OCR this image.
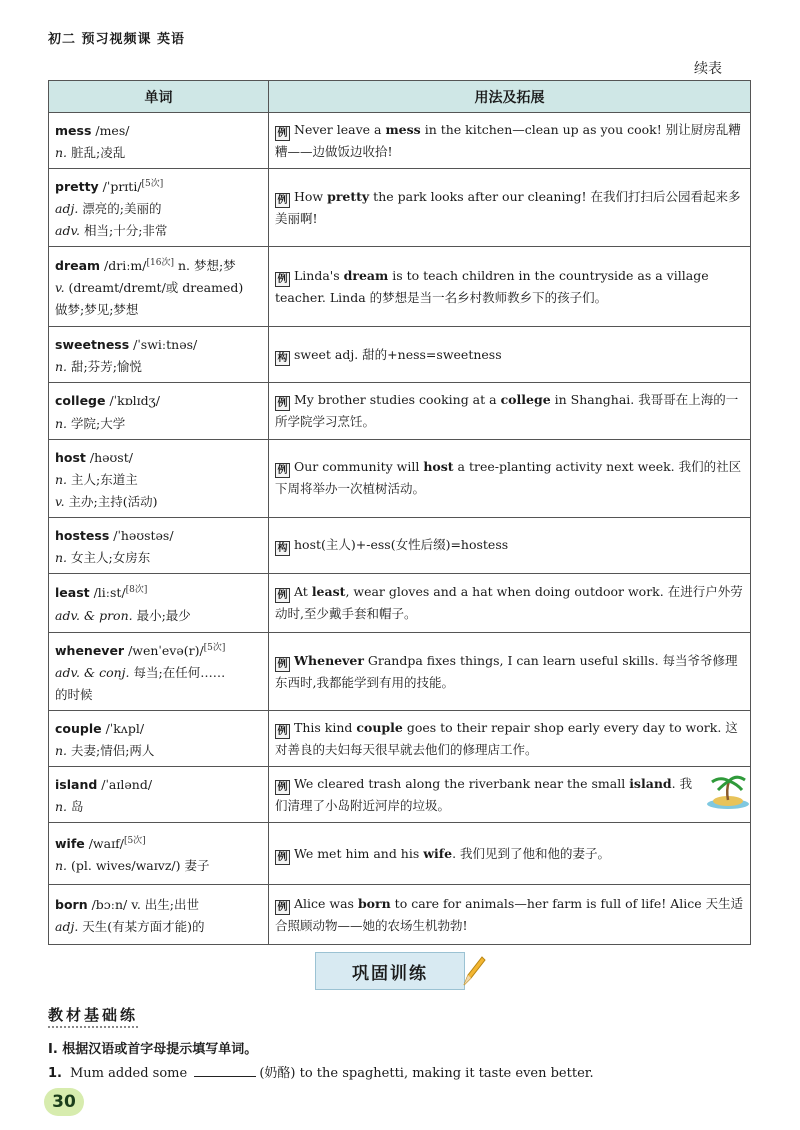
初二 预习视频课 英语
续表
单词	用法及拓展

mess /mes/
n. 脏乱;凌乱	例 Never leave a mess in the kitchen—clean up as you cook! 别让厨房乱糟糟——边做饭边收拾!

pretty /ˈprɪti/[5次]
adj. 漂亮的;美丽的
adv. 相当;十分;非常	例 How pretty the park looks after our cleaning! 在我们打扫后公园看起来多美丽啊!

dream /driːm/[16次] n. 梦想;梦
v. (dreamt/dremt/或 dreamed)
做梦;梦见;梦想	例 Linda's dream is to teach children in the countryside as a village teacher. Linda 的梦想是当一名乡村教师教乡下的孩子们。

sweetness /ˈswiːtnəs/
n. 甜;芬芳;愉悦	构 sweet adj. 甜的+ness=sweetness

college /ˈkɒlɪdʒ/
n. 学院;大学	例 My brother studies cooking at a college in Shanghai. 我哥哥在上海的一所学院学习烹饪。

host /həʊst/
n. 主人;东道主
v. 主办;主持(活动)	例 Our community will host a tree-planting activity next week. 我们的社区下周将举办一次植树活动。

hostess /ˈhəʊstəs/
n. 女主人;女房东	构 host(主人)+-ess(女性后缀)=hostess

least /liːst/[8次]
adv. & pron. 最小;最少	例 At least, wear gloves and a hat when doing outdoor work. 在进行户外劳动时,至少戴手套和帽子。

whenever /wenˈevə(r)/[5次]
adv. & conj. 每当;在任何……
的时候	例 Whenever Grandpa fixes things, I can learn useful skills. 每当爷爷修理东西时,我都能学到有用的技能。

couple /ˈkʌpl/
n. 夫妻;情侣;两人	例 This kind couple goes to their repair shop early every day to work. 这对善良的夫妇每天很早就去他们的修理店工作。

island /ˈaɪlənd/
n. 岛	例 We cleared trash along the riverbank near the small island. 我们清理了小岛附近河岸的垃圾。

wife /waɪf/[5次]
n. (pl. wives/waɪvz/) 妻子	例 We met him and his wife. 我们见到了他和他的妻子。

born /bɔːn/ v. 出生;出世
adj. 天生(有某方面才能)的	例 Alice was born to care for animals—her farm is full of life! Alice 天生适合照顾动物——她的农场生机勃勃!
巩固训练
教材基础练
Ⅰ. 根据汉语或首字母提示填写单词。
1. Mum added some	(奶酪) to the spaghetti, making it taste even better.
30
